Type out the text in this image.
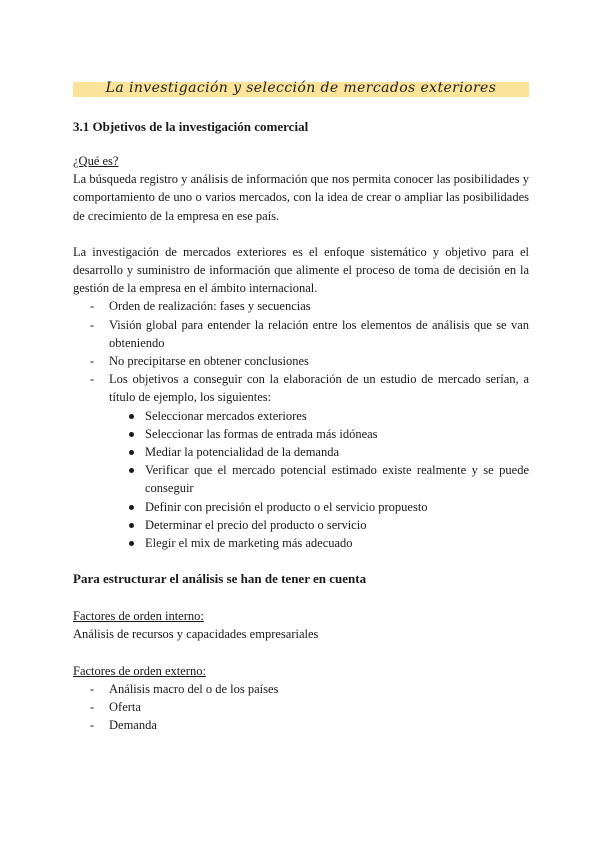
La investigación y selección de mercados exteriores
3.1 Objetivos de la investigación comercial

¿Qué es?

La búsqueda registro y análisis de información que nos permita conocer las posibilidades y comportamiento de uno o varios mercados, con la idea de crear o ampliar las posibilidades de crecimiento de la empresa en ese país.

La investigación de mercados exteriores es el enfoque sistemático y objetivo para el desarrollo y suministro de información que alimente el proceso de toma de decisión en la gestión de la empresa en el ámbito internacional.

- Orden de realización: fases y secuencias
- Visión global para entender la relación entre los elementos de análisis que se van obteniendo
- No precipitarse en obtener conclusiones
- Los objetivos a conseguir con la elaboración de un estudio de mercado serían, a título de ejemplo, los siguientes:
Seleccionar mercados exteriores
Seleccionar las formas de entrada más idóneas
Mediar la potencialidad de la demanda
Verificar que el mercado potencial estimado existe realmente y se puede conseguir
Definir con precisión el producto o el servicio propuesto
Determinar el precio del producto o servicio
Elegir el mix de marketing más adecuado
Para estructurar el análisis se han de tener en cuenta

Factores de orden interno:

Análisis de recursos y capacidades empresariales

Factores de orden externo:

- Análisis macro del o de los países
- Oferta
- Demanda
